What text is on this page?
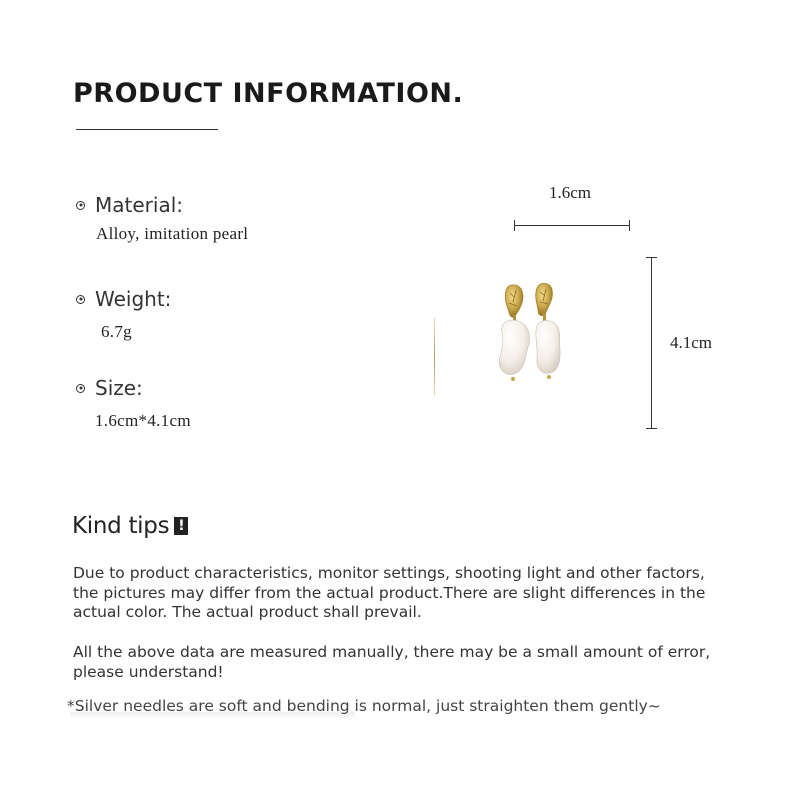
PRODUCT INFORMATION.
Material:
Alloy, imitation pearl
Weight:
6.7g
Size:
1.6cm*4.1cm
1.6cm
4.1cm
Kind tips !
Due to product characteristics, monitor settings, shooting light and other factors, the pictures may differ from the actual product.There are slight differences in the actual color. The actual product shall prevail.
All the above data are measured manually, there may be a small amount of error, please understand!
*Silver needles are soft and bending is normal, just straighten them gently~
